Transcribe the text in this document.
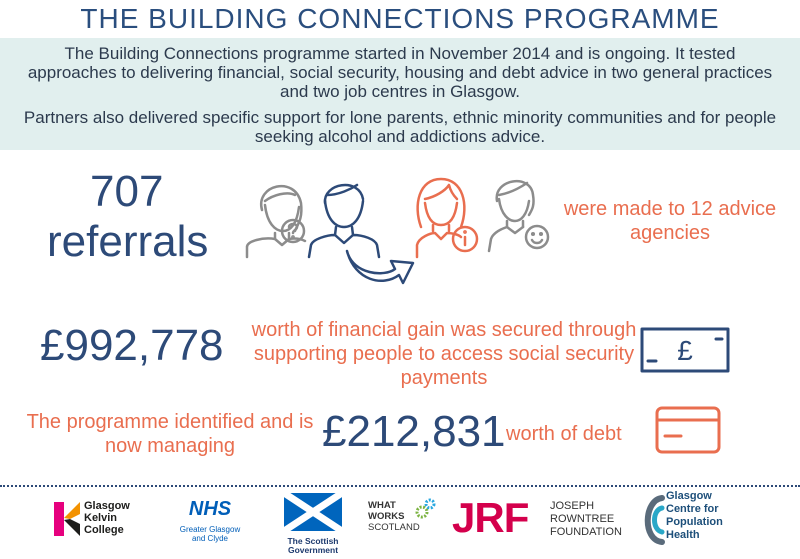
THE BUILDING CONNECTIONS PROGRAMME

The Building Connections programme started in November 2014 and is ongoing. It tested approaches to delivering financial, social security, housing and debt advice in two general practices and two job centres in Glasgow.

Partners also delivered specific support for lone parents, ethnic minority communities and for people seeking alcohol and addictions advice.

707
referrals
were made to 12 advice agencies
£992,778 worth of financial gain was secured through supporting people to access social security payments
£
The programme identified and is now managing	£212,831 worth of debt
Glasgow
Kelvin
College
NHS
Greater Glasgow
and Clyde	The Scottish
Government
WHAT
WORKS
SCOTLAND JRF JOSEPH
ROWNTREE
FOUNDATION
Glasgow
Centre for
Population
Health
